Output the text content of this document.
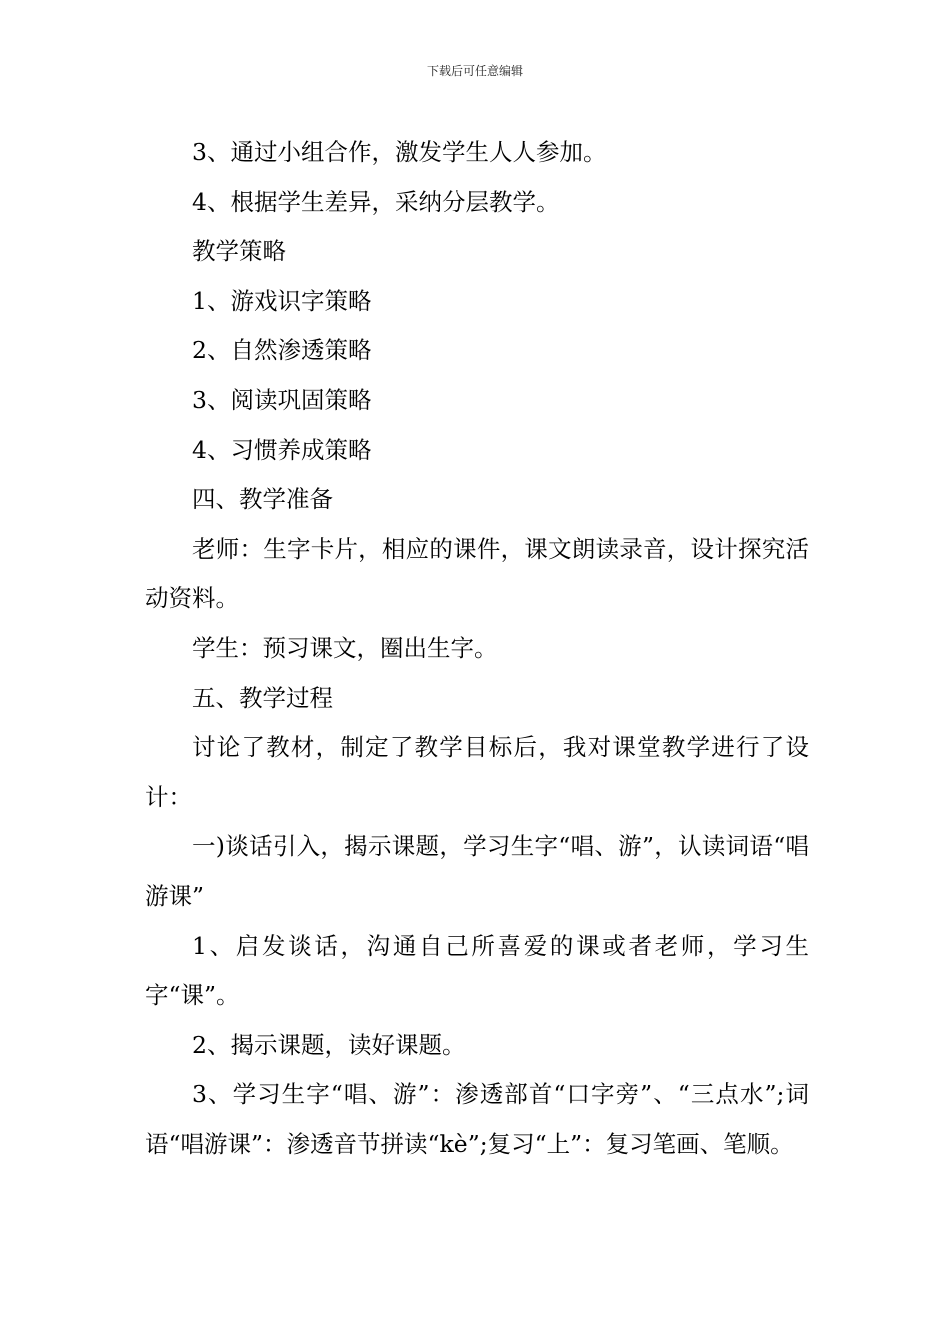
下载后可任意编辑

3、通过小组合作，激发学生人人参加。

4、根据学生差异，采纳分层教学。

教学策略

1、游戏识字策略

2、自然渗透策略

3、阅读巩固策略

4、习惯养成策略

四、教学准备

老师：生字卡片，相应的课件，课文朗读录音，设计探究活动资料。

学生：预习课文，圈出生字。

五、教学过程

讨论了教材，制定了教学目标后，我对课堂教学进行了设计：

一)谈话引入，揭示课题，学习生字“唱、游”，认读词语“唱游课”

1、启发谈话，沟通自己所喜爱的课或者老师，学习生字“课”。

2、揭示课题，读好课题。

3、学习生字“唱、游”：渗透部首“口字旁”、“三点水”;词语“唱游课”：渗透音节拼读“kè”;复习“上”：复习笔画、笔顺。
